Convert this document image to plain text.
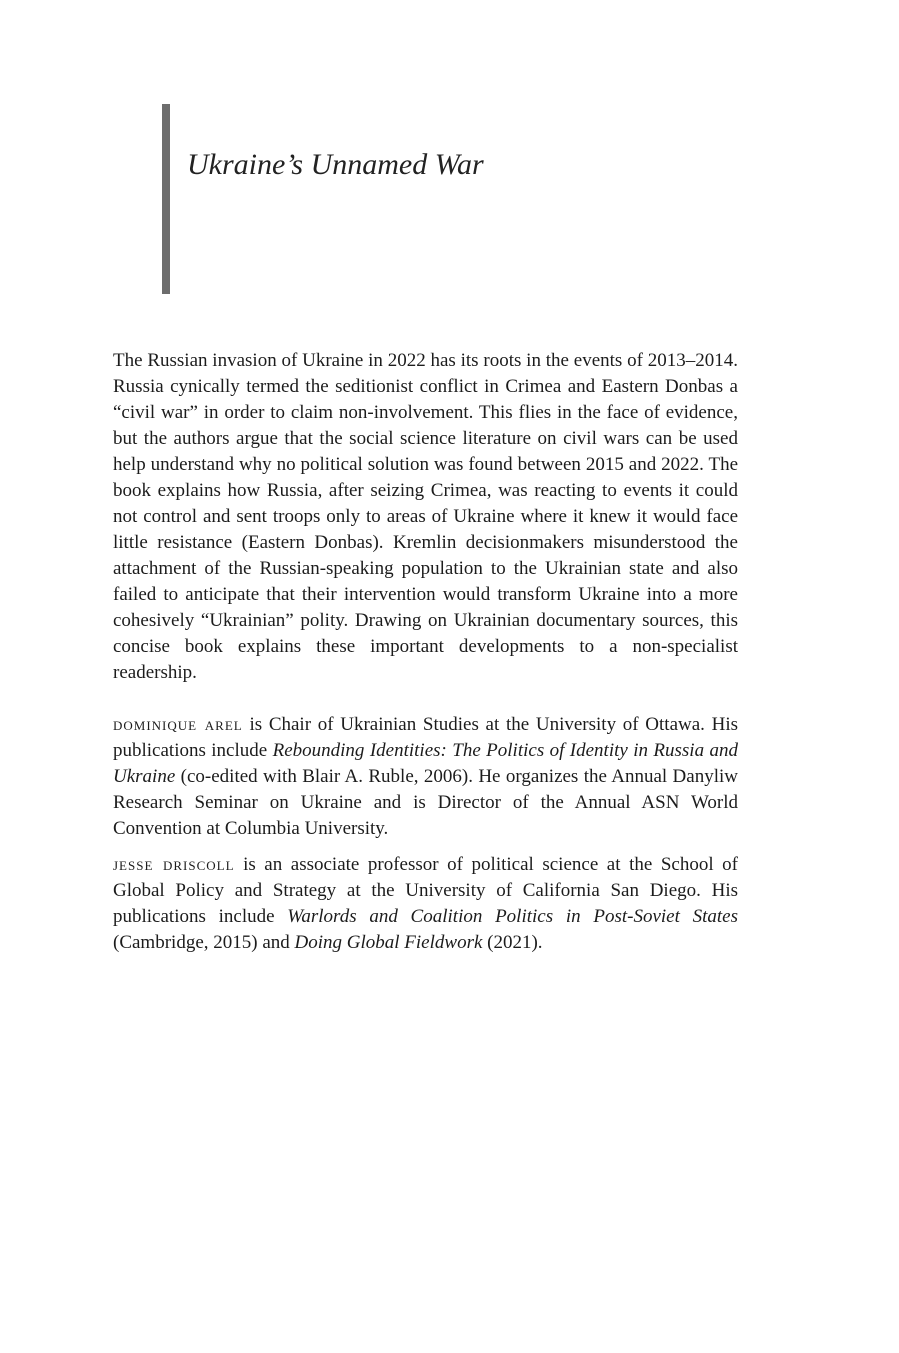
Ukraine’s Unnamed War

The Russian invasion of Ukraine in 2022 has its roots in the events of 2013–2014. Russia cynically termed the seditionist conflict in Crimea and Eastern Donbas a “civil war” in order to claim non-involvement. This flies in the face of evidence, but the authors argue that the social science literature on civil wars can be used help understand why no political solution was found between 2015 and 2022. The book explains how Russia, after seizing Crimea, was reacting to events it could not control and sent troops only to areas of Ukraine where it knew it would face little resistance (Eastern Donbas). Kremlin decisionmakers misunderstood the attachment of the Russian-speaking population to the Ukrainian state and also failed to anticipate that their intervention would transform Ukraine into a more cohesively “Ukrainian” polity. Drawing on Ukrainian documentary sources, this concise book explains these important developments to a non-specialist readership.

dominique arel is Chair of Ukrainian Studies at the University of Ottawa. His publications include Rebounding Identities: The Politics of Identity in Russia and Ukraine (co-edited with Blair A. Ruble, 2006). He organizes the Annual Danyliw Research Seminar on Ukraine and is Director of the Annual ASN World Convention at Columbia University.

jesse driscoll is an associate professor of political science at the School of Global Policy and Strategy at the University of California San Diego. His publications include Warlords and Coalition Politics in Post-Soviet States (Cambridge, 2015) and Doing Global Fieldwork (2021).
